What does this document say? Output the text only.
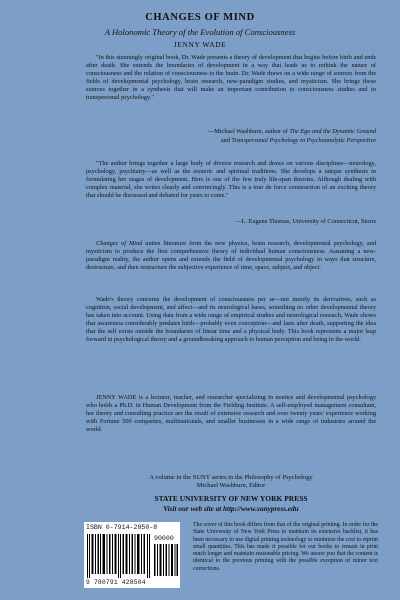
CHANGES OF MIND
A Holonomic Theory of the Evolution of Consciousness
JENNY WADE

"In this stunningly original book, Dr. Wade presents a theory of development that begins before birth and ends after death. She extends the boundaries of development in a way that leads us to rethink the nature of consciousness and the relation of consciousness to the brain. Dr. Wade draws on a wide range of sources from the fields of developmental psychology, brain research, new-paradigm studies, and mysticism. She brings these sources together in a synthesis that will make an important contribution to consciousness studies and to transpersonal psychology."

—Michael Washburn, author of The Ego and the Dynamic Ground
and Transpersonal Psychology in Psychoanalytic Perspective

"The author brings together a large body of diverse research and draws on various disciplines—neurology, psychology, psychiatry—as well as the esoteric and spiritual traditions. She develops a unique synthesis in formulating her stages of development. Hers is one of the few truly life-span theories. Although dealing with complex material, she writes clearly and convincingly. This is a tour de force construction of an exciting theory that should be discussed and debated for years to come."

—L. Eugene Thomas, University of Connecticut, Storrs

Changes of Mind unites literature from the new physics, brain research, developmental psychology, and mysticism to produce the first comprehensive theory of individual human consciousness. Assuming a new-paradigm reality, the author opens and extends the field of developmental psychology in ways that structure, destructure, and then restructure the subjective experience of time, space, subject, and object.

Wade's theory concerns the development of consciousness per se—not merely its derivatives, such as cognition, social development, and affect—and its neurological bases, something no other developmental theory has taken into account. Using data from a wide range of empirical studies and neurological research, Wade shows that awareness considerably predates birth—probably even conception—and lasts after death, supporting the idea that the self exists outside the boundaries of linear time and a physical body. This book represents a major leap forward in psychological theory and a groundbreaking approach to human perception and being in the world.

JENNY WADE is a lecturer, teacher, and researcher specializing in noetics and developmental psychology who holds a Ph.D. in Human Development from the Fielding Institute. A self-employed management consultant, her theory and consulting practice are the result of extensive research and over twenty years' experience working with Fortune 500 companies, multinationals, and smaller businesses in a wide range of industries around the world.

A volume in the SUNY series in the Philosophy of Psychology
Michael Washburn, Editor
STATE UNIVERSITY OF NEW YORK PRESS
Visit our web site at http://www.sunypress.edu
ISBN 0-7914-2850-8
90000
9 780791 428504

The cover of this book differs from that of the original printing. In order for the State University of New York Press to maintain its extensive backlist, it has been necessary to use digital printing technology to minimize the cost to reprint small quantities. This has made it possible for our books to remain in print much longer and maintain reasonable pricing. We assure you that the content is identical to the previous printing with the possible exception of minor text corrections.
